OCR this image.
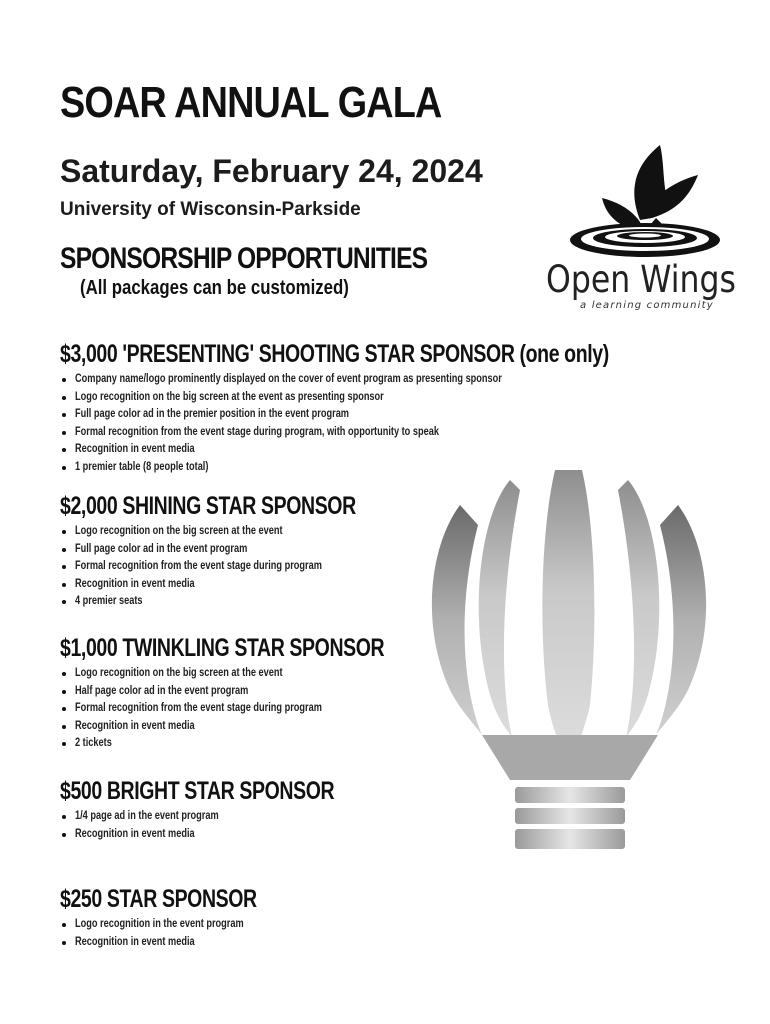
SOAR ANNUAL GALA
Saturday, February 24, 2024
University of Wisconsin-Parkside
SPONSORSHIP OPPORTUNITIES
(All packages can be customized)	Open Wings
a learning community
$3,000 'PRESENTING' SHOOTING STAR SPONSOR (one only)
Company name/logo prominently displayed on the cover of event program as presenting sponsor
Logo recognition on the big screen at the event as presenting sponsor
Full page color ad in the premier position in the event program
Formal recognition from the event stage during program, with opportunity to speak
Recognition in event media
1 premier table (8 people total)
$2,000 SHINING STAR SPONSOR
Logo recognition on the big screen at the event
Full page color ad in the event program
Formal recognition from the event stage during program
Recognition in event media
4 premier seats
$1,000 TWINKLING STAR SPONSOR
Logo recognition on the big screen at the event
Half page color ad in the event program
Formal recognition from the event stage during program
Recognition in event media
2 tickets
$500 BRIGHT STAR SPONSOR
1/4 page ad in the event program
Recognition in event media
$250 STAR SPONSOR
Logo recognition in the event program
Recognition in event media
